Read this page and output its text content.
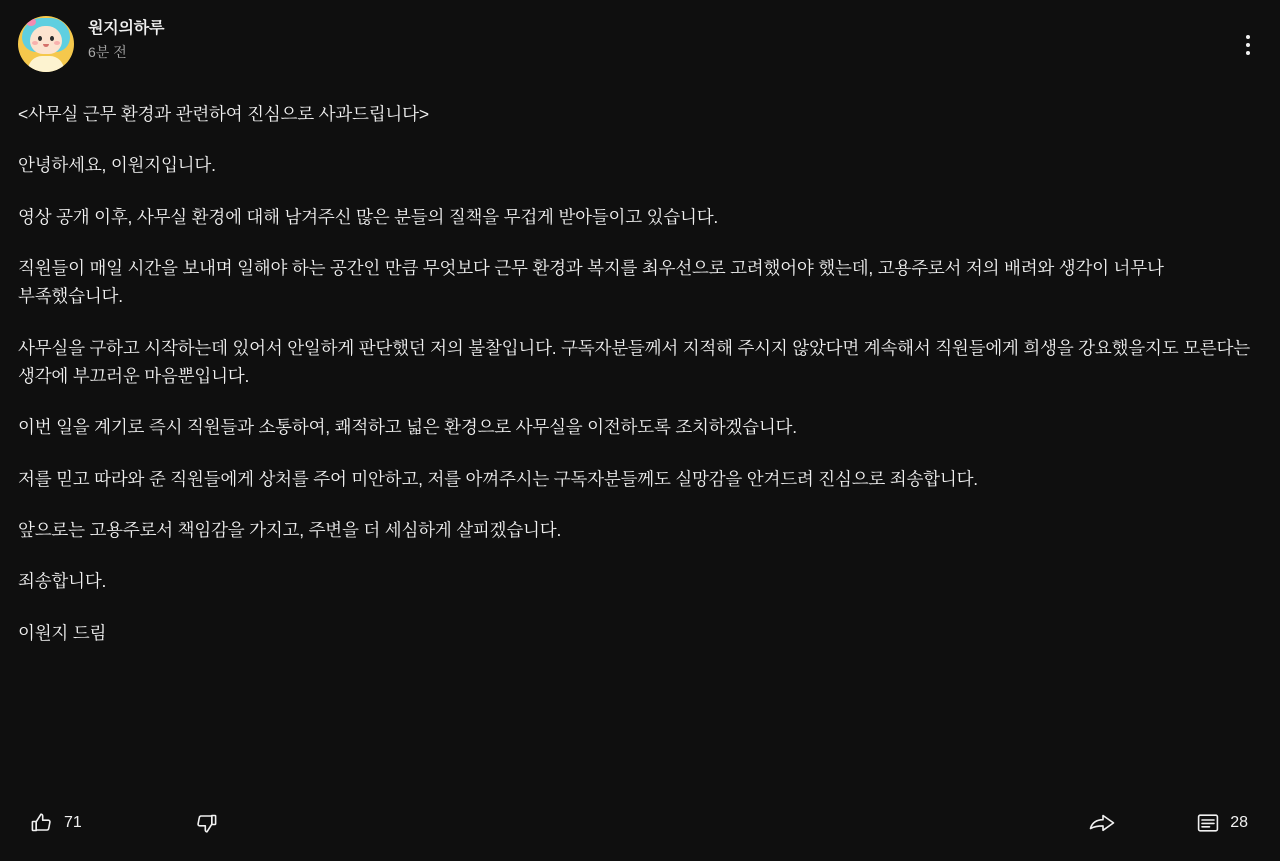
원지의하루
6분 전

<사무실 근무 환경과 관련하여 진심으로 사과드립니다>

안녕하세요, 이원지입니다.

영상 공개 이후, 사무실 환경에 대해 남겨주신 많은 분들의 질책을 무겁게 받아들이고 있습니다.

직원들이 매일 시간을 보내며 일해야 하는 공간인 만큼 무엇보다 근무 환경과 복지를 최우선으로 고려했어야 했는데, 고용주로서 저의 배려와 생각이 너무나 부족했습니다.

사무실을 구하고 시작하는데 있어서 안일하게 판단했던 저의 불찰입니다. 구독자분들께서 지적해 주시지 않았다면 계속해서 직원들에게 희생을 강요했을지도 모른다는 생각에 부끄러운 마음뿐입니다.

이번 일을 계기로 즉시 직원들과 소통하여, 쾌적하고 넓은 환경으로 사무실을 이전하도록 조치하겠습니다.

저를 믿고 따라와 준 직원들에게 상처를 주어 미안하고, 저를 아껴주시는 구독자분들께도 실망감을 안겨드려 진심으로 죄송합니다.

앞으로는 고용주로서 책임감을 가지고, 주변을 더 세심하게 살피겠습니다.

죄송합니다.

이원지 드림

71	28
